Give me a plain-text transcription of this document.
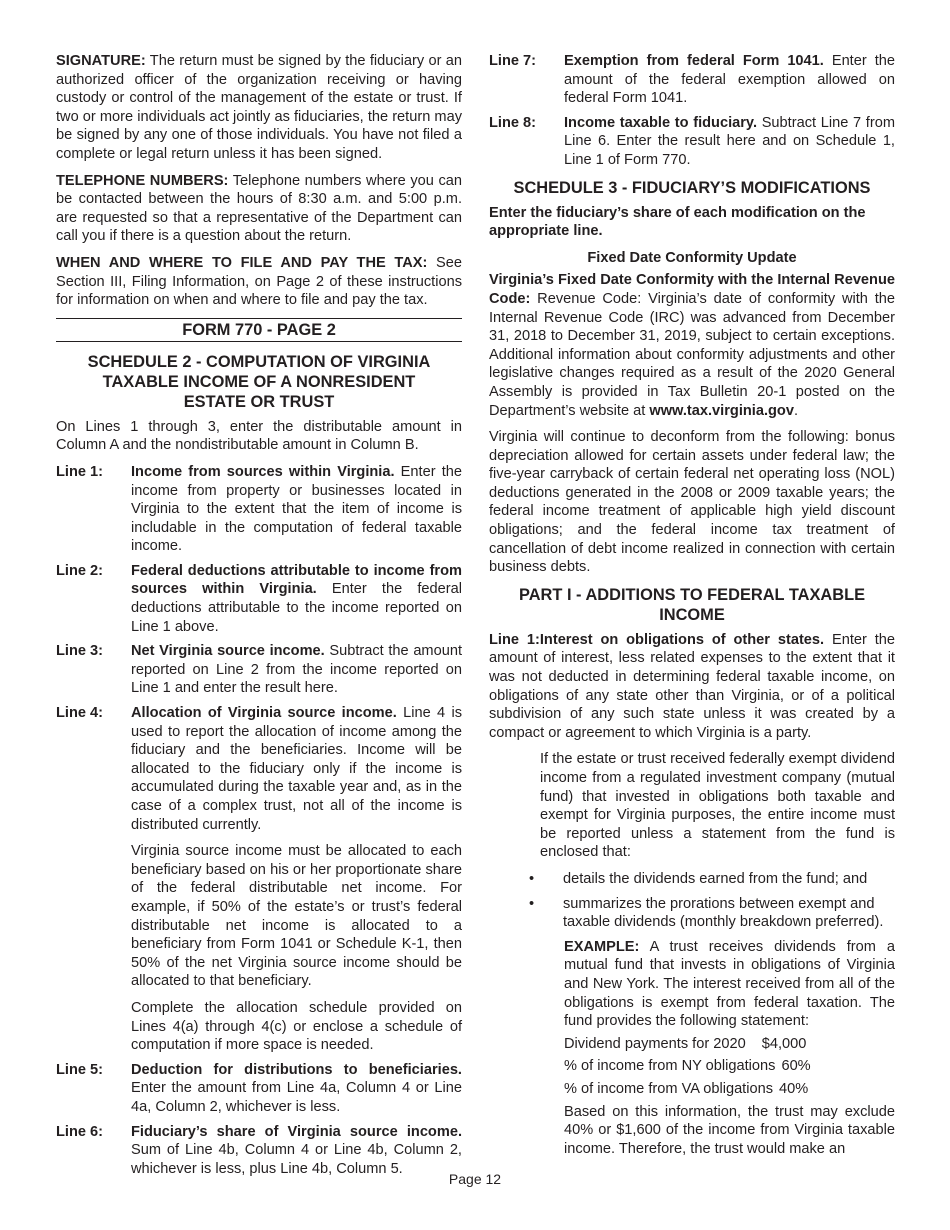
SIGNATURE: The return must be signed by the fiduciary or an authorized officer of the organization receiving or having custody or control of the management of the estate or trust. If two or more individuals act jointly as fiduciaries, the return may be signed by any one of those individuals. You have not filed a complete or legal return unless it has been signed.

TELEPHONE NUMBERS: Telephone numbers where you can be contacted between the hours of 8:30 a.m. and 5:00 p.m. are requested so that a representative of the Department can call you if there is a question about the return.

WHEN AND WHERE TO FILE AND PAY THE TAX: See Section III, Filing Information, on Page 2 of these instructions for information on when and where to file and pay the tax.

FORM 770 - PAGE 2
SCHEDULE 2 - COMPUTATION OF VIRGINIA TAXABLE INCOME OF A NONRESIDENT ESTATE OR TRUST

On Lines 1 through 3, enter the distributable amount in Column A and the nondistributable amount in Column B.

Line 1:	Income from sources within Virginia. Enter the income from property or businesses located in Virginia to the extent that the item of income is includable in the computation of federal taxable income.
Line 2:	Federal deductions attributable to income from sources within Virginia. Enter the federal deductions attributable to the income reported on Line 1 above.
Line 3:	Net Virginia source income. Subtract the amount reported on Line 2 from the income reported on Line 1 and enter the result here.
Line 4:	Allocation of Virginia source income. Line 4 is used to report the allocation of income among the fiduciary and the beneficiaries. Income will be allocated to the fiduciary only if the income is accumulated during the taxable year and, as in the case of a complex trust, not all of the income is distributed currently.

Virginia source income must be allocated to each beneficiary based on his or her proportionate share of the federal distributable net income. For example, if 50% of the estate’s or trust’s federal distributable net income is allocated to a beneficiary from Form 1041 or Schedule K-1, then 50% of the net Virginia source income should be allocated to that beneficiary.

Complete the allocation schedule provided on Lines 4(a) through 4(c) or enclose a schedule of computation if more space is needed.

Line 5:	Deduction for distributions to beneficiaries. Enter the amount from Line 4a, Column 4 or Line 4a, Column 2, whichever is less.
Line 6:	Fiduciary’s share of Virginia source income. Sum of Line 4b, Column 4 or Line 4b, Column 2, whichever is less, plus Line 4b, Column 5.
Line 7:	Exemption from federal Form 1041. Enter the amount of the federal exemption allowed on federal Form 1041.
Line 8:	Income taxable to fiduciary. Subtract Line 7 from Line 6. Enter the result here and on Schedule 1, Line 1 of Form 770.
SCHEDULE 3 - FIDUCIARY’S MODIFICATIONS

Enter the fiduciary’s share of each modification on the appropriate line.

Fixed Date Conformity Update

Virginia’s Fixed Date Conformity with the Internal Revenue Code: Revenue Code: Virginia’s date of conformity with the Internal Revenue Code (IRC) was advanced from December 31, 2018 to December 31, 2019, subject to certain exceptions. Additional information about conformity adjustments and other legislative changes required as a result of the 2020 General Assembly is provided in Tax Bulletin 20-1 posted on the Department’s website at www.tax.virginia.gov.

Virginia will continue to deconform from the following: bonus depreciation allowed for certain assets under federal law; the five-year carryback of certain federal net operating loss (NOL) deductions generated in the 2008 or 2009 taxable years; the federal income treatment of applicable high yield discount obligations; and the federal income tax treatment of cancellation of debt income realized in connection with certain business debts.

PART I - ADDITIONS TO FEDERAL TAXABLE INCOME

Line 1:Interest on obligations of other states. Enter the amount of interest, less related expenses to the extent that it was not deducted in determining federal taxable income, on obligations of any state other than Virginia, or of a political subdivision of any such state unless it was created by a compact or agreement to which Virginia is a party.

If the estate or trust received federally exempt dividend income from a regulated investment company (mutual fund) that invested in obligations both taxable and exempt for Virginia purposes, the entire income must be reported unless a statement from the fund is enclosed that:

•	details the dividends earned from the fund; and
•	summarizes the prorations between exempt and taxable dividends (monthly breakdown preferred).

EXAMPLE: A trust receives dividends from a mutual fund that invests in obligations of Virginia and New York. The interest received from all of the obligations is exempt from federal taxation. The fund provides the following statement:

Dividend payments for 2020 $4,000
% of income from NY obligations 60%
% of income from VA obligations 40%

Based on this information, the trust may exclude 40% or $1,600 of the income from Virginia taxable income. Therefore, the trust would make an

Page 12
